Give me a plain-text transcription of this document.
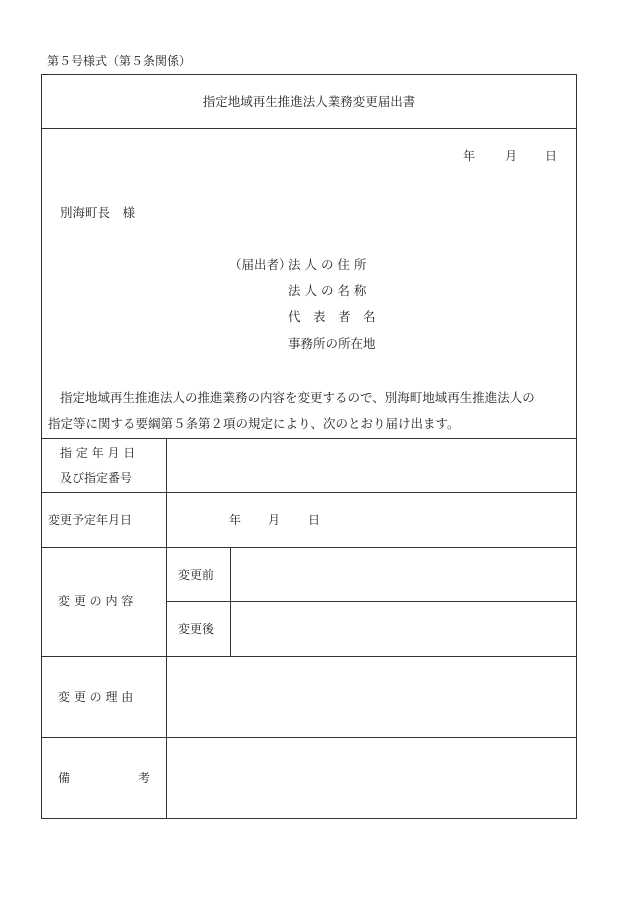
第５号様式（第５条関係）
指定地域再生推進法人業務変更届出書
年 月 日
別海町長　様
（届出者）
法 人 の 住 所
法 人 の 名 称
代　表　者　名
事務所の所在地
指定地域再生推進法人の推進業務の内容を変更するので、別海町地域再生推進法人の
指定等に関する要綱第５条第２項の規定により、次のとおり届け出ます。
指 定 年 月 日
及び指定番号
変更予定年月日	年 月 日
変 更 の 内 容
変更前
変更後
変 更 の 理 由
備	考
